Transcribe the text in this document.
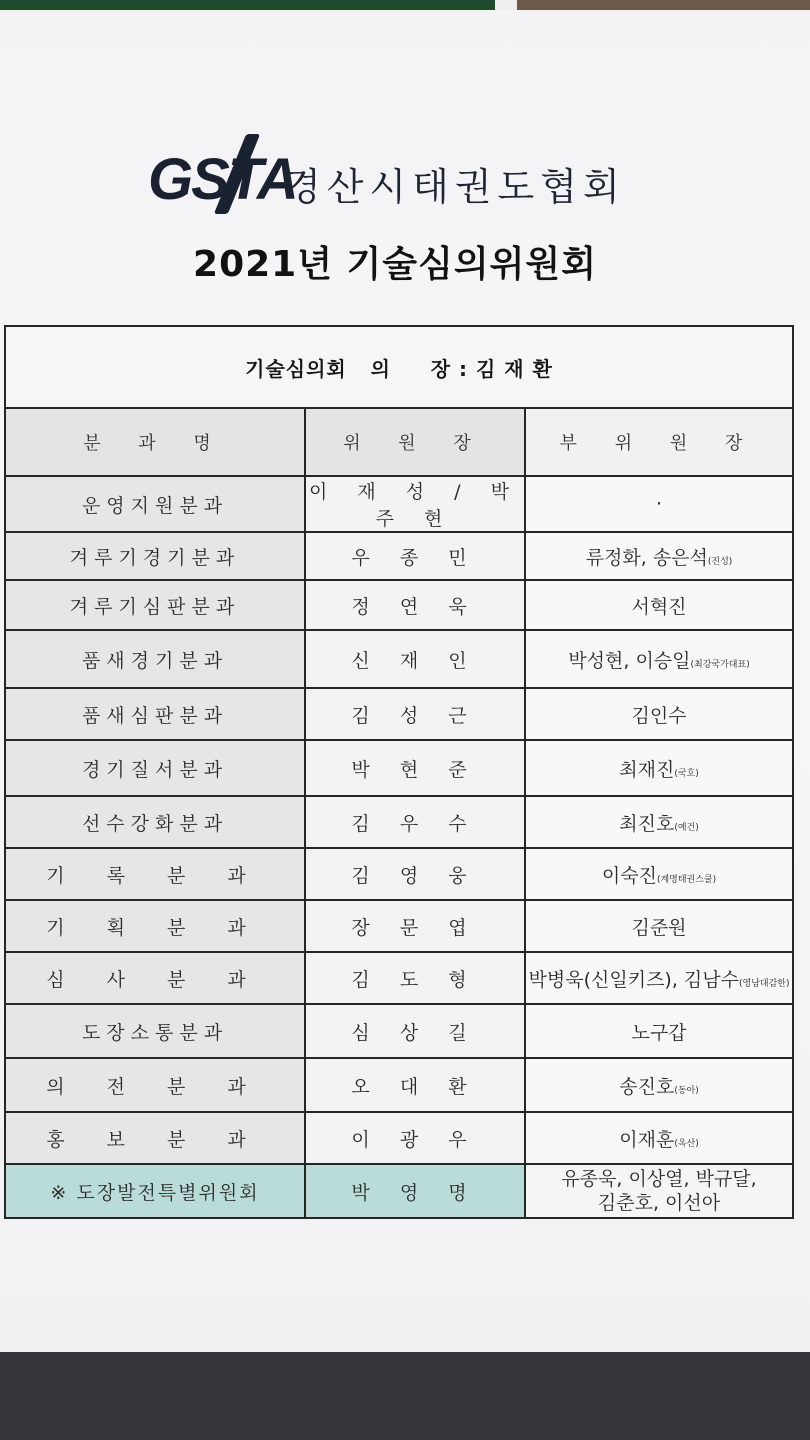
GSTA
경산시태권도협회
2021년 기술심의위원회
기술심의회   의     장 : 김 재 환		
분 과 명	위 원 장	부 위 원 장
운영지원분과	이 재 성 / 박 주 현	·
겨루기경기분과	우 종 민	류정화, 송은석(진성)
겨루기심판분과	정 연 욱	서혁진
품새경기분과	신 재 인	박성현, 이승일(최강국가대표)
품새심판분과	김 성 근	김인수
경기질서분과	박 현 준	최재진(국호)
선수강화분과	김 우 수	최진호(예건)
기 록 분 과	김 영 웅	이숙진(계명태권스쿨)
기 획 분 과	장 문 엽	김준원
심 사 분 과	김 도 형	박병욱(신일키즈), 김남수(영남대감한)
도장소통분과	심 상 길	노구갑
의 전 분 과	오 대 환	송진호(동아)
홍 보 분 과	이 광 우	이재훈(옥산)
※ 도장발전특별위원회	박 영 명	유종욱, 이상열, 박규달,
김춘호, 이선아
